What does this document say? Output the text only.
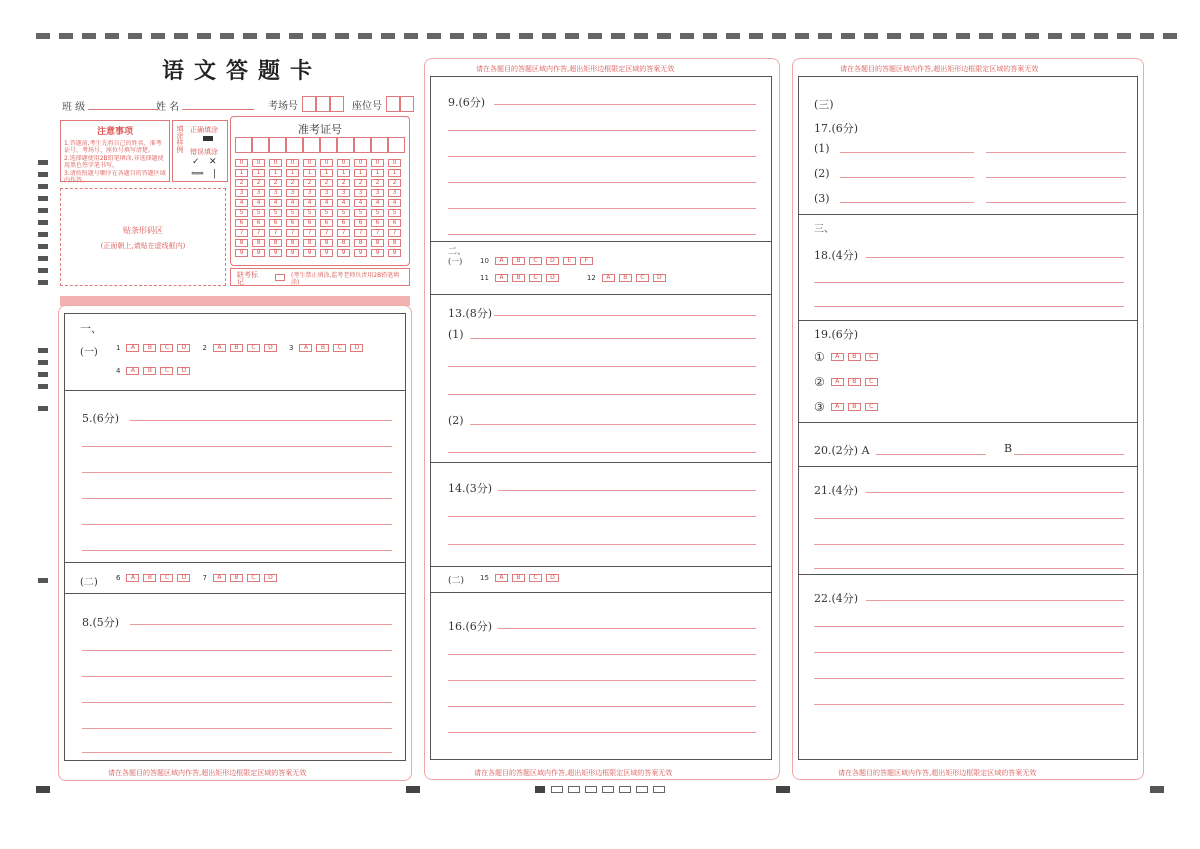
语文答题卡
班 级	姓 名	考场号	座位号
注意事项
1.答题前,考生先将自己的姓名、准考证号、考场号、座位号填写清楚。
2.选择题使用2B铅笔填涂,非选择题使用黑色签字笔书写。
3.请按照题号顺序在各题目的答题区域内作答。
填涂样例 正确填涂
错误填涂
✓ ✕
⟺ |
准考证号
0	0	0	0	0	0	0	0	0	0
1	1	1	1	1	1	1	1	1	1
2	2	2	2	2	2	2	2	2	2
3	3	3	3	3	3	3	3	3	3
4	4	4	4	4	4	4	4	4	4
5	5	5	5	5	5	5	5	5	5
6	6	6	6	6	6	6	6	6	6
7	7	7	7	7	7	7	7	7	7
8	8	8	8	8	8	8	8	8	8
9	9	9	9	9	9	9	9	9	9
贴条形码区
(正面朝上,请贴在虚线框内)
缺考标记
(考生禁止填涂,监考老师负责用2B铅笔填涂)
一、
(一)	1	A	B	C	D	2	A	B	C	D	3	A	B	C	D
4	A	B	C	D
5.(6分)
(二)	6	A	B	C	D	7	A	B	C	D
8.(5分)
请在各题目的答题区域内作答,超出矩形边框限定区域的答案无效
请在各题目的答题区域内作答,超出矩形边框限定区域的答案无效
请在各题目的答题区域内作答,超出矩形边框限定区域的答案无效
9.(6分)
二、
(一)	10	A	B	C	D	E	F
11	A	B	C	D	12	A	B	C	D
13.(8分)
(1)
(2)
14.(3分)
(二) 15	A	B	C	D
16.(6分)
请在各题目的答题区域内作答,超出矩形边框限定区域的答案无效
请在各题目的答题区域内作答,超出矩形边框限定区域的答案无效
(三)
17.(6分)
(1)
(2)
(3)
三、
18.(4分)
19.(6分)
①	A	B	C
②	A	B	C
③	A	B	C
20.(2分) A	B
21.(4分)
22.(4分)
